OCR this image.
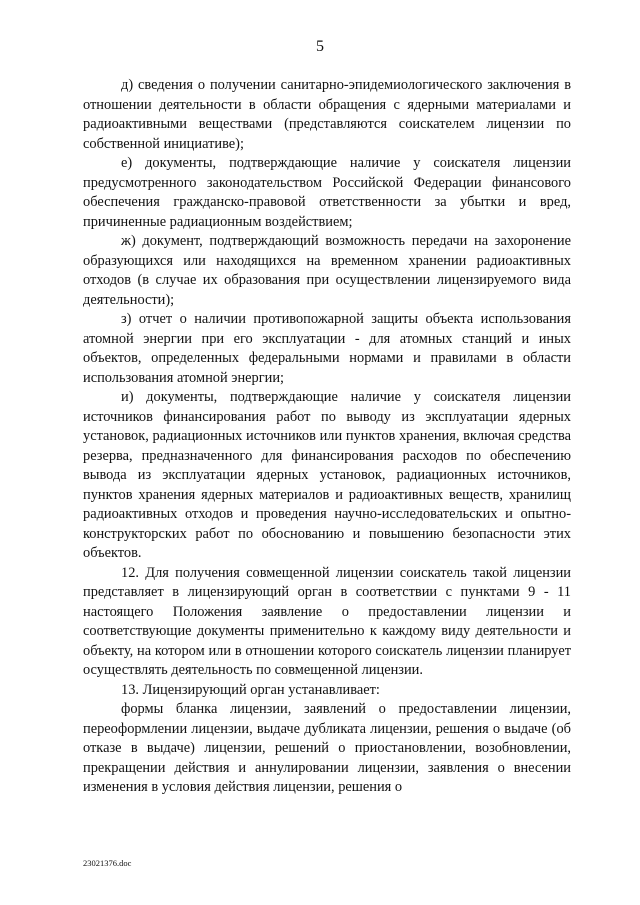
5

д) сведения о получении санитарно-эпидемиологического заключения в отношении деятельности в области обращения с ядерными материалами и радиоактивными веществами (представляются соискателем лицензии по собственной инициативе);

е) документы, подтверждающие наличие у соискателя лицензии предусмотренного законодательством Российской Федерации финансового обеспечения гражданско-правовой ответственности за убытки и вред, причиненные радиационным воздействием;

ж) документ, подтверждающий возможность передачи на захоронение образующихся или находящихся на временном хранении радиоактивных отходов (в случае их образования при осуществлении лицензируемого вида деятельности);

з) отчет о наличии противопожарной защиты объекта использования атомной энергии при его эксплуатации - для атомных станций и иных объектов, определенных федеральными нормами и правилами в области использования атомной энергии;

и) документы, подтверждающие наличие у соискателя лицензии источников финансирования работ по выводу из эксплуатации ядерных установок, радиационных источников или пунктов хранения, включая средства резерва, предназначенного для финансирования расходов по обеспечению вывода из эксплуатации ядерных установок, радиационных источников, пунктов хранения ядерных материалов и радиоактивных веществ, хранилищ радиоактивных отходов и проведения научно-исследовательских и опытно-конструкторских работ по обоснованию и повышению безопасности этих объектов.

12. Для получения совмещенной лицензии соискатель такой лицензии представляет в лицензирующий орган в соответствии с пунктами 9 - 11 настоящего Положения заявление о предоставлении лицензии и соответствующие документы применительно к каждому виду деятельности и объекту, на котором или в отношении которого соискатель лицензии планирует осуществлять деятельность по совмещенной лицензии.

13. Лицензирующий орган устанавливает:

формы бланка лицензии, заявлений о предоставлении лицензии, переоформлении лицензии, выдаче дубликата лицензии, решения о выдаче (об отказе в выдаче) лицензии, решений о приостановлении, возобновлении, прекращении действия и аннулировании лицензии, заявления о внесении изменения в условия действия лицензии, решения о

23021376.doc
